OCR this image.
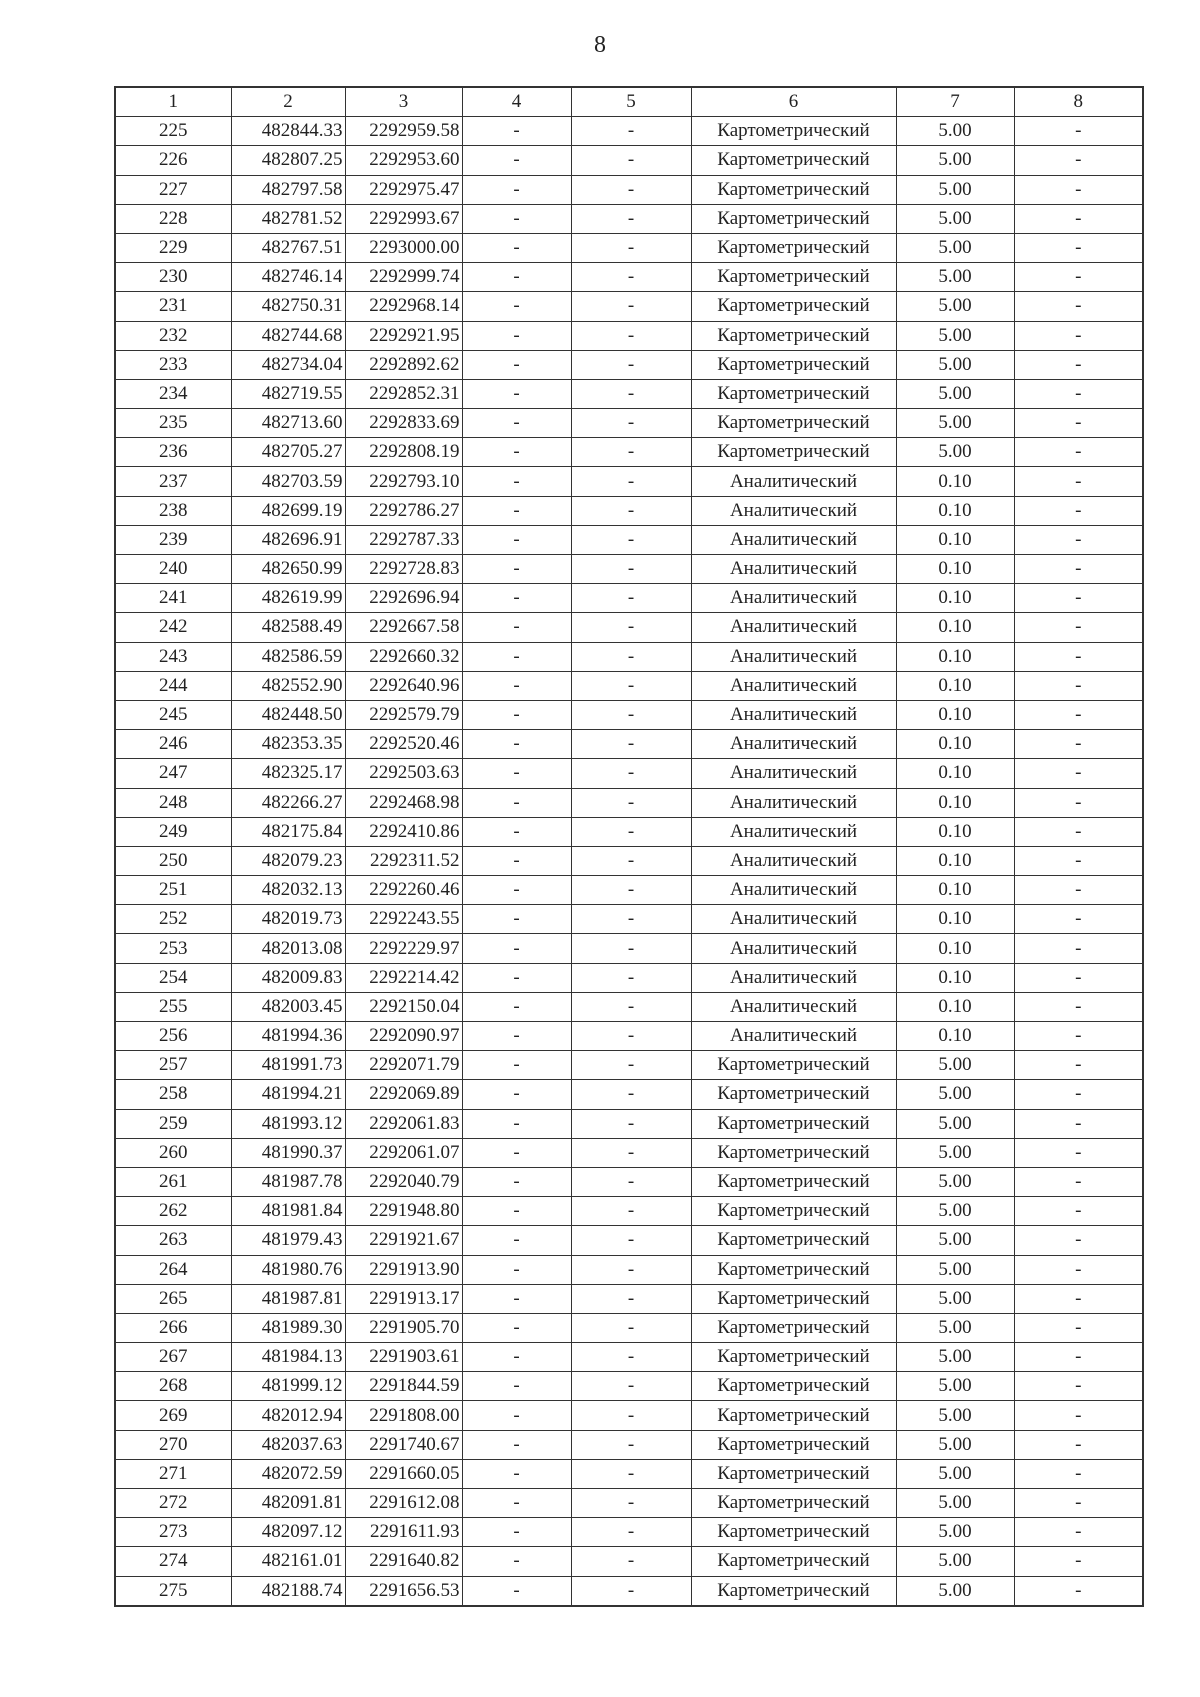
8
1	2	3	4	5	6	7	8
225	482844.33	2292959.58	-	-	Картометрический	5.00	-
226	482807.25	2292953.60	-	-	Картометрический	5.00	-
227	482797.58	2292975.47	-	-	Картометрический	5.00	-
228	482781.52	2292993.67	-	-	Картометрический	5.00	-
229	482767.51	2293000.00	-	-	Картометрический	5.00	-
230	482746.14	2292999.74	-	-	Картометрический	5.00	-
231	482750.31	2292968.14	-	-	Картометрический	5.00	-
232	482744.68	2292921.95	-	-	Картометрический	5.00	-
233	482734.04	2292892.62	-	-	Картометрический	5.00	-
234	482719.55	2292852.31	-	-	Картометрический	5.00	-
235	482713.60	2292833.69	-	-	Картометрический	5.00	-
236	482705.27	2292808.19	-	-	Картометрический	5.00	-
237	482703.59	2292793.10	-	-	Аналитический	0.10	-
238	482699.19	2292786.27	-	-	Аналитический	0.10	-
239	482696.91	2292787.33	-	-	Аналитический	0.10	-
240	482650.99	2292728.83	-	-	Аналитический	0.10	-
241	482619.99	2292696.94	-	-	Аналитический	0.10	-
242	482588.49	2292667.58	-	-	Аналитический	0.10	-
243	482586.59	2292660.32	-	-	Аналитический	0.10	-
244	482552.90	2292640.96	-	-	Аналитический	0.10	-
245	482448.50	2292579.79	-	-	Аналитический	0.10	-
246	482353.35	2292520.46	-	-	Аналитический	0.10	-
247	482325.17	2292503.63	-	-	Аналитический	0.10	-
248	482266.27	2292468.98	-	-	Аналитический	0.10	-
249	482175.84	2292410.86	-	-	Аналитический	0.10	-
250	482079.23	2292311.52	-	-	Аналитический	0.10	-
251	482032.13	2292260.46	-	-	Аналитический	0.10	-
252	482019.73	2292243.55	-	-	Аналитический	0.10	-
253	482013.08	2292229.97	-	-	Аналитический	0.10	-
254	482009.83	2292214.42	-	-	Аналитический	0.10	-
255	482003.45	2292150.04	-	-	Аналитический	0.10	-
256	481994.36	2292090.97	-	-	Аналитический	0.10	-
257	481991.73	2292071.79	-	-	Картометрический	5.00	-
258	481994.21	2292069.89	-	-	Картометрический	5.00	-
259	481993.12	2292061.83	-	-	Картометрический	5.00	-
260	481990.37	2292061.07	-	-	Картометрический	5.00	-
261	481987.78	2292040.79	-	-	Картометрический	5.00	-
262	481981.84	2291948.80	-	-	Картометрический	5.00	-
263	481979.43	2291921.67	-	-	Картометрический	5.00	-
264	481980.76	2291913.90	-	-	Картометрический	5.00	-
265	481987.81	2291913.17	-	-	Картометрический	5.00	-
266	481989.30	2291905.70	-	-	Картометрический	5.00	-
267	481984.13	2291903.61	-	-	Картометрический	5.00	-
268	481999.12	2291844.59	-	-	Картометрический	5.00	-
269	482012.94	2291808.00	-	-	Картометрический	5.00	-
270	482037.63	2291740.67	-	-	Картометрический	5.00	-
271	482072.59	2291660.05	-	-	Картометрический	5.00	-
272	482091.81	2291612.08	-	-	Картометрический	5.00	-
273	482097.12	2291611.93	-	-	Картометрический	5.00	-
274	482161.01	2291640.82	-	-	Картометрический	5.00	-
275	482188.74	2291656.53	-	-	Картометрический	5.00	-
